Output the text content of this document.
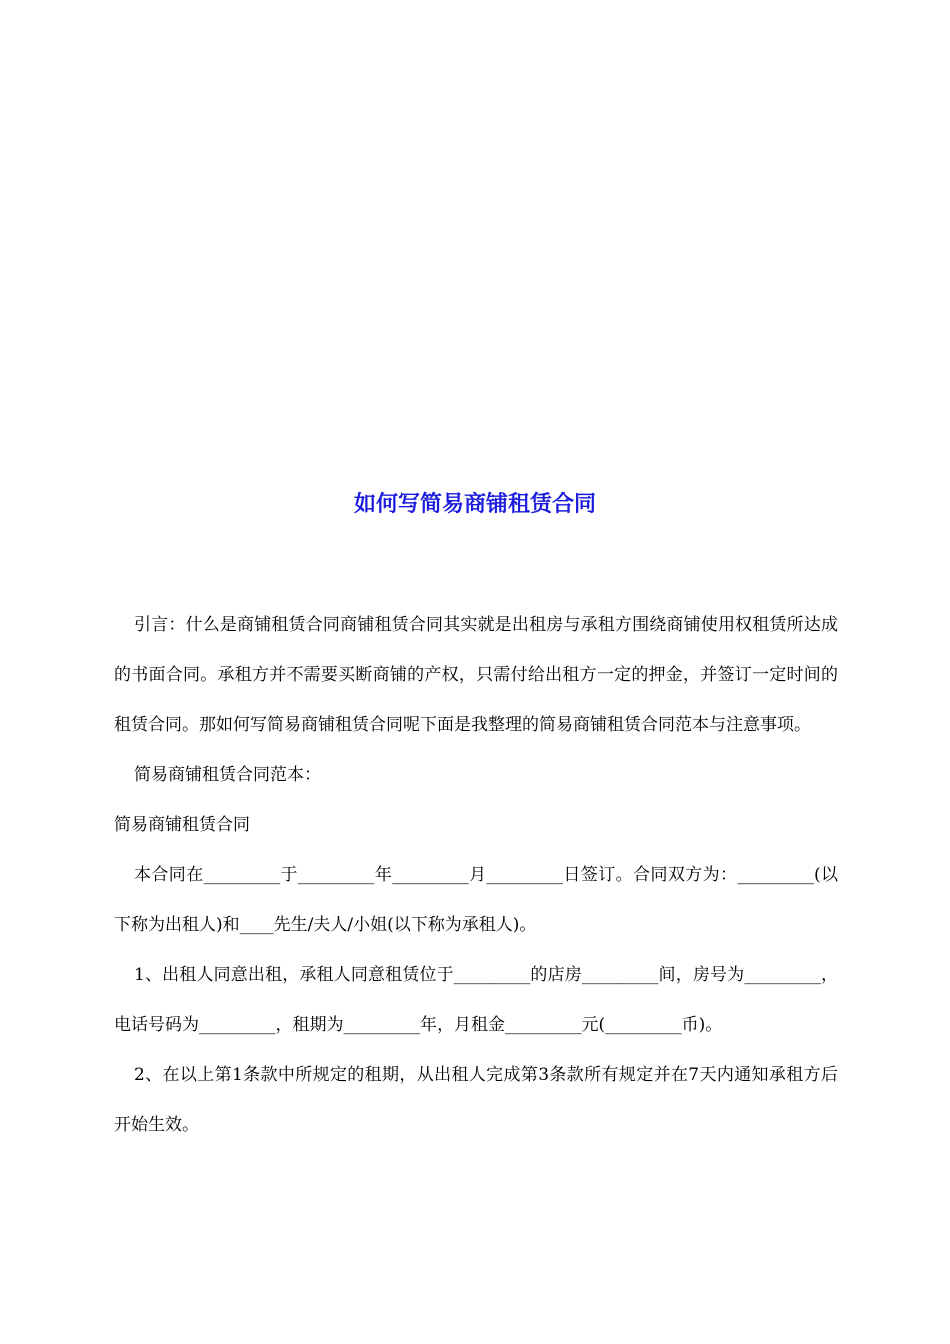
如何写简易商铺租赁合同

引言：什么是商铺租赁合同商铺租赁合同其实就是出租房与承租方围绕商铺使用权租赁所达成的书面合同。承租方并不需要买断商铺的产权，只需付给出租方一定的押金，并签订一定时间的租赁合同。那如何写简易商铺租赁合同呢下面是我整理的简易商铺租赁合同范本与注意事项。

简易商铺租赁合同范本：

简易商铺租赁合同

本合同在_________于_________年_________月_________日签订。合同双方为：_________(以下称为出租人)和____先生/夫人/小姐(以下称为承租人)。

1、出租人同意出租，承租人同意租赁位于_________的店房_________间，房号为_________，电话号码为_________，租期为_________年，月租金_________元(_________币)。

2、在以上第1条款中所规定的租期，从出租人完成第3条款所有规定并在7天内通知承租方后开始生效。
